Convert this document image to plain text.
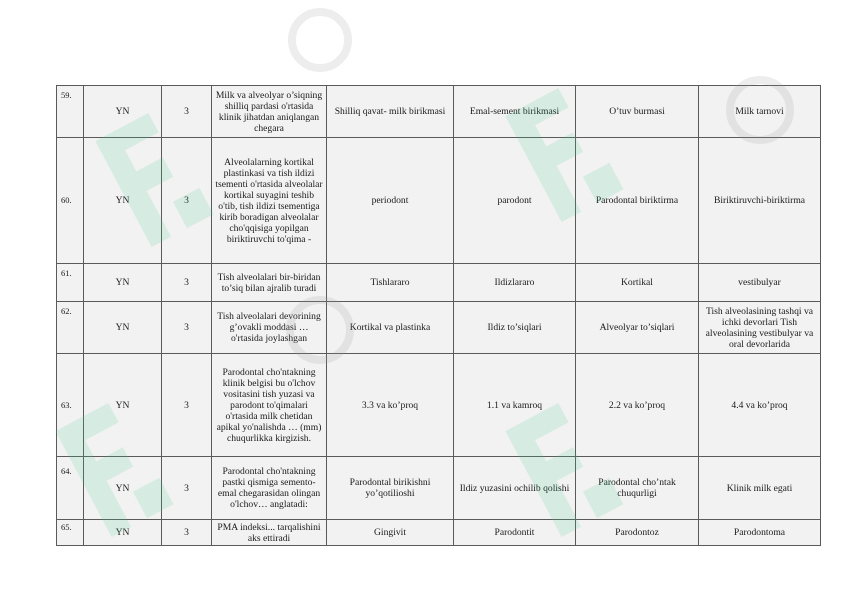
59.	YN	3	Milk va alveolyar o’siqning shilliq pardasi o'rtasida klinik jihatdan aniqlangan chegara	Shilliq qavat- milk birikmasi	Emal-sement birikmasi	O’tuv burmasi	Milk tarnovi
60.	YN	3	Alveolalarning kortikal plastinkasi va tish ildizi tsementi o'rtasida alveolalar kortikal suyagini teshib o'tib, tish ildizi tsementiga kirib boradigan alveolalar cho'qqisiga yopilgan biriktiruvchi to'qima -	periodont	parodont	Parodontal biriktirma	Biriktiruvchi-biriktirma
61.	YN	3	Tish alveolalari bir-biridan to’siq bilan ajralib turadi	Tishlararo	Ildizlararo	Kortikal	vestibulyar
62.	YN	3	Tish alveolalari devorining g’ovakli moddasi …o'rtasida joylashgan	Kortikal va plastinka	Ildiz to’siqlari	Alveolyar to’siqlari	Tish alveolasining tashqi va ichki devorlari Tish alveolasining vestibulyar va oral devorlarida
63.	YN	3	Parodontal cho'ntakning klinik belgisi bu o'lchov vositasini tish yuzasi va parodont to'qimalari o'rtasida milk chetidan apikal yo'nalishda … (mm) chuqurlikka kirgizish.	3.3 va ko’proq	1.1 va kamroq	2.2 va ko’proq	4.4 va ko’proq
64.	YN	3	Parodontal cho'ntakning pastki qismiga semento-emal chegarasidan olingan o'lchov… anglatadi:	Parodontal birikishni yo’qotilioshi	Ildiz yuzasini ochilib qolishi	Parodontal cho’ntak chuqurligi	Klinik milk egati
65.	YN	3	PMA indeksi... tarqalishini aks ettiradi	Gingivit	Parodontit	Parodontoz	Parodontoma
